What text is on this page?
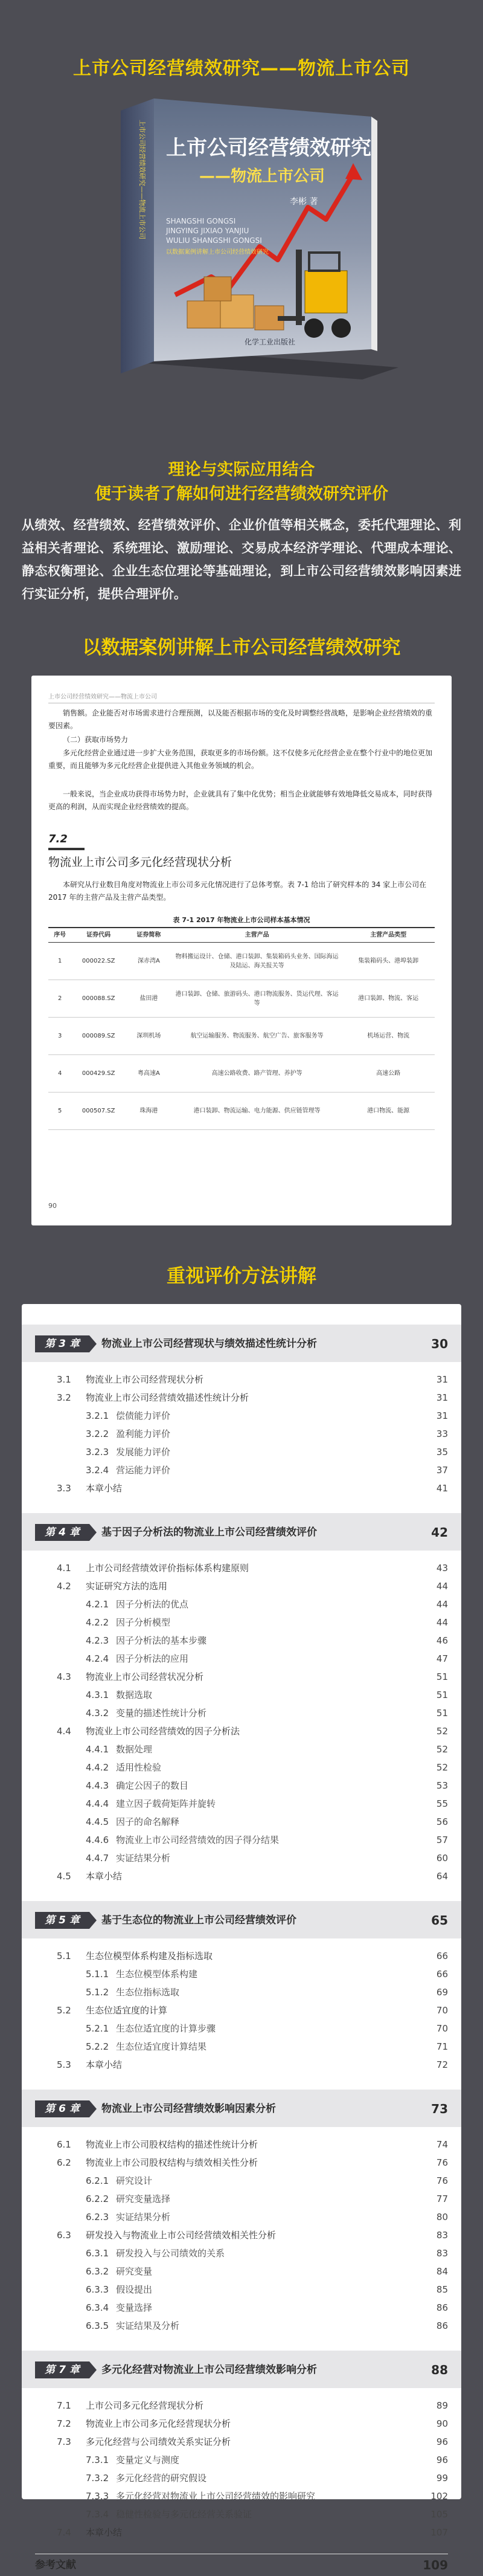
上市公司经营绩效研究——物流上市公司
上市公司经营绩效研究
——物流上市公司
李彬 著
SHANGSHI GONGSI
JINGYING JIXIAO YANJIU
WULIU SHANGSHI GONGSI
以数据案例讲解上市公司经营绩效研究
化学工业出版社
上市公司经营绩效研究——物流上市公司
理论与实际应用结合
便于读者了解如何进行经营绩效研究评价
从绩效、经营绩效、经营绩效评价、企业价值等相关概念，委托代理理论、利益相关者理论、系统理论、激励理论、交易成本经济学理论、代理成本理论、静态权衡理论、企业生态位理论等基础理论，到上市公司经营绩效影响因素进行实证分析，提供合理评价。
以数据案例讲解上市公司经营绩效研究
上市公司经营绩效研究——物流上市公司
销售额。企业能否对市场需求进行合理预测，以及能否根据市场的变化及时调整经营战略，是影响企业经营绩效的重要因素。
（二）获取市场势力
多元化经营企业通过进一步扩大业务范围，获取更多的市场份额。这不仅使多元化经营企业在整个行业中的地位更加重要，而且能够为多元化经营企业提供进入其他业务领域的机会。
一般来说，当企业成功获得市场势力时，企业就具有了集中化优势；相当企业就能够有效地降低交易成本，同时获得更高的利润，从而实现企业经营绩效的提高。
7.2
物流业上市公司多元化经营现状分析
本研究从行业数目角度对物流业上市公司多元化情况进行了总体考察。表 7-1 给出了研究样本的 34 家上市公司在 2017 年的主营产品及主营产品类型。
表 7-1 2017 年物流业上市公司样本基本情况
序号	证券代码	证券简称	主营产品	主营产品类型
1	000022.SZ	深赤湾A	物料搬运设计、仓储、港口装卸、集装箱码头业务、国际海运及陆运、海关报关等	集装箱码头、港埠装卸
2	000088.SZ	盐田港	港口装卸、仓储、旅游码头、港口物流服务、货运代理、客运等	港口装卸、物流、客运
3	000089.SZ	深圳机场	航空运输服务、物流服务、航空广告、旅客服务等	机场运营、物流
4	000429.SZ	粤高速A	高速公路收费、路产管理、养护等	高速公路
5	000507.SZ	珠海港	港口装卸、物流运输、电力能源、供应链管理等	港口物流、能源
90
重视评价方法讲解
第 3 章	物流业上市公司经营现状与绩效描述性统计分析	30
3.1 物流业上市公司经营现状分析	31
3.2 物流业上市公司经营绩效描述性统计分析	31
3.2.1 偿债能力评价	31
3.2.2 盈利能力评价	33
3.2.3 发展能力评价	35
3.2.4 营运能力评价	37
3.3 本章小结	41
第 4 章	基于因子分析法的物流业上市公司经营绩效评价	42
4.1 上市公司经营绩效评价指标体系构建原则	43
4.2 实证研究方法的选用	44
4.2.1 因子分析法的优点	44
4.2.2 因子分析模型	44
4.2.3 因子分析法的基本步骤	46
4.2.4 因子分析法的应用	47
4.3 物流业上市公司经营状况分析	51
4.3.1 数据选取	51
4.3.2 变量的描述性统计分析	51
4.4 物流业上市公司经营绩效的因子分析法	52
4.4.1 数据处理	52
4.4.2 适用性检验	52
4.4.3 确定公因子的数目	53
4.4.4 建立因子载荷矩阵并旋转	55
4.4.5 因子的命名解释	56
4.4.6 物流业上市公司经营绩效的因子得分结果	57
4.4.7 实证结果分析	60
4.5 本章小结	64
第 5 章	基于生态位的物流业上市公司经营绩效评价	65
5.1 生态位模型体系构建及指标选取	66
5.1.1 生态位模型体系构建	66
5.1.2 生态位指标选取	69
5.2 生态位适宜度的计算	70
5.2.1 生态位适宜度的计算步骤	70
5.2.2 生态位适宜度计算结果	71
5.3 本章小结	72
第 6 章	物流业上市公司经营绩效影响因素分析	73
6.1 物流业上市公司股权结构的描述性统计分析	74
6.2 物流业上市公司股权结构与绩效相关性分析	76
6.2.1 研究设计	76
6.2.2 研究变量选择	77
6.2.3 实证结果分析	80
6.3 研发投入与物流业上市公司经营绩效相关性分析	83
6.3.1 研发投入与公司绩效的关系	83
6.3.2 研究变量	84
6.3.3 假设提出	85
6.3.4 变量选择	86
6.3.5 实证结果及分析	86
第 7 章	多元化经营对物流业上市公司经营绩效影响分析	88
7.1 上市公司多元化经营现状分析	89
7.2 物流业上市公司多元化经营现状分析	90
7.3 多元化经营与公司绩效关系实证分析	96
7.3.1 变量定义与测度	96
7.3.2 多元化经营的研究假设	99
7.3.3 多元化经营对物流业上市公司经营绩效的影响研究	102
7.3.4 稳健性检验与多元化经营关系验证	105
7.4 本章小结	107
参考文献	109
